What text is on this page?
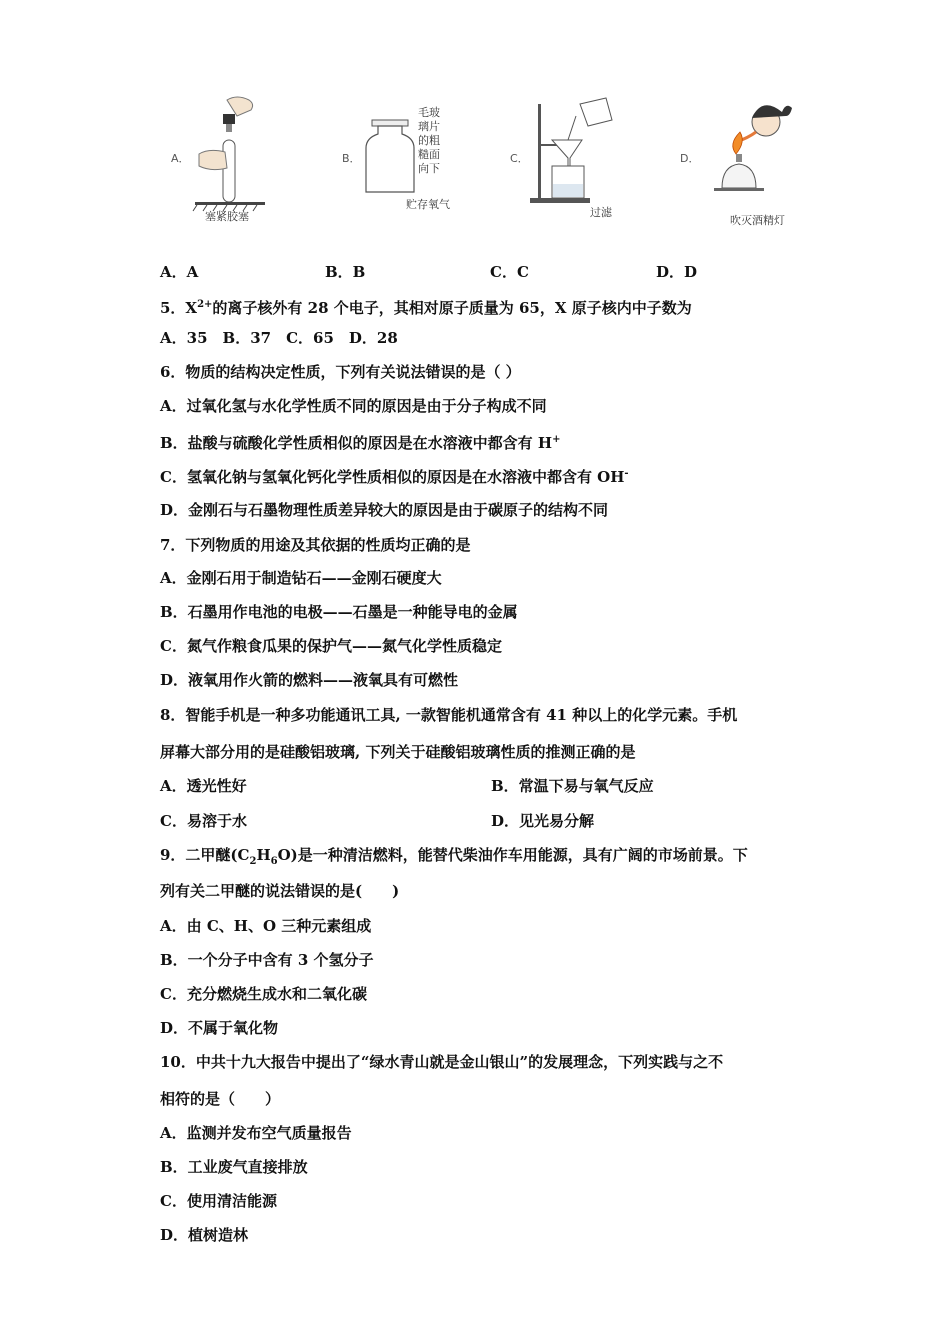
A．
塞紧胶塞
B．
毛玻
璃片
的粗
糙面
向下
贮存氧气
C．
过滤
D．
吹灭酒精灯
A．A	B．B	C．C	D．D
5．$X^{2+}$的离子核外有 28 个电子，其相对原子质量为 65，X 原子核内中子数为
A．35　B．37　C．65　D．28
6．物质的结构决定性质，下列有关说法错误的是（ ）
A．过氧化氢与水化学性质不同的原因是由于分子构成不同
B．盐酸与硫酸化学性质相似的原因是在水溶液中都含有 H+
C．氢氧化钠与氢氧化钙化学性质相似的原因是在水溶液中都含有 OH-
D．金刚石与石墨物理性质差异较大的原因是由于碳原子的结构不同
7．下列物质的用途及其依据的性质均正确的是
A．金刚石用于制造钻石——金刚石硬度大
B．石墨用作电池的电极——石墨是一种能导电的金属
C．氮气作粮食瓜果的保护气——氮气化学性质稳定
D．液氧用作火箭的燃料——液氧具有可燃性
8．智能手机是一种多功能通讯工具, 一款智能机通常含有 41 种以上的化学元素。手机
屏幕大部分用的是硅酸铝玻璃, 下列关于硅酸铝玻璃性质的推测正确的是
A．透光性好	B．常温下易与氧气反应
C．易溶于水	D．见光易分解
9．二甲醚$(C_2H_6O)$是一种清洁燃料，能替代柴油作车用能源，具有广阔的市场前景。下
列有关二甲醚的说法错误的是(　　)
A．由 C、H、O 三种元素组成
B．一个分子中含有 3 个氢分子
C．充分燃烧生成水和二氧化碳
D．不属于氧化物
10．中共十九大报告中提出了“绿水青山就是金山银山”的发展理念，下列实践与之不
相符的是（　　）
A．监测并发布空气质量报告
B．工业废气直接排放
C．使用清洁能源
D．植树造林
